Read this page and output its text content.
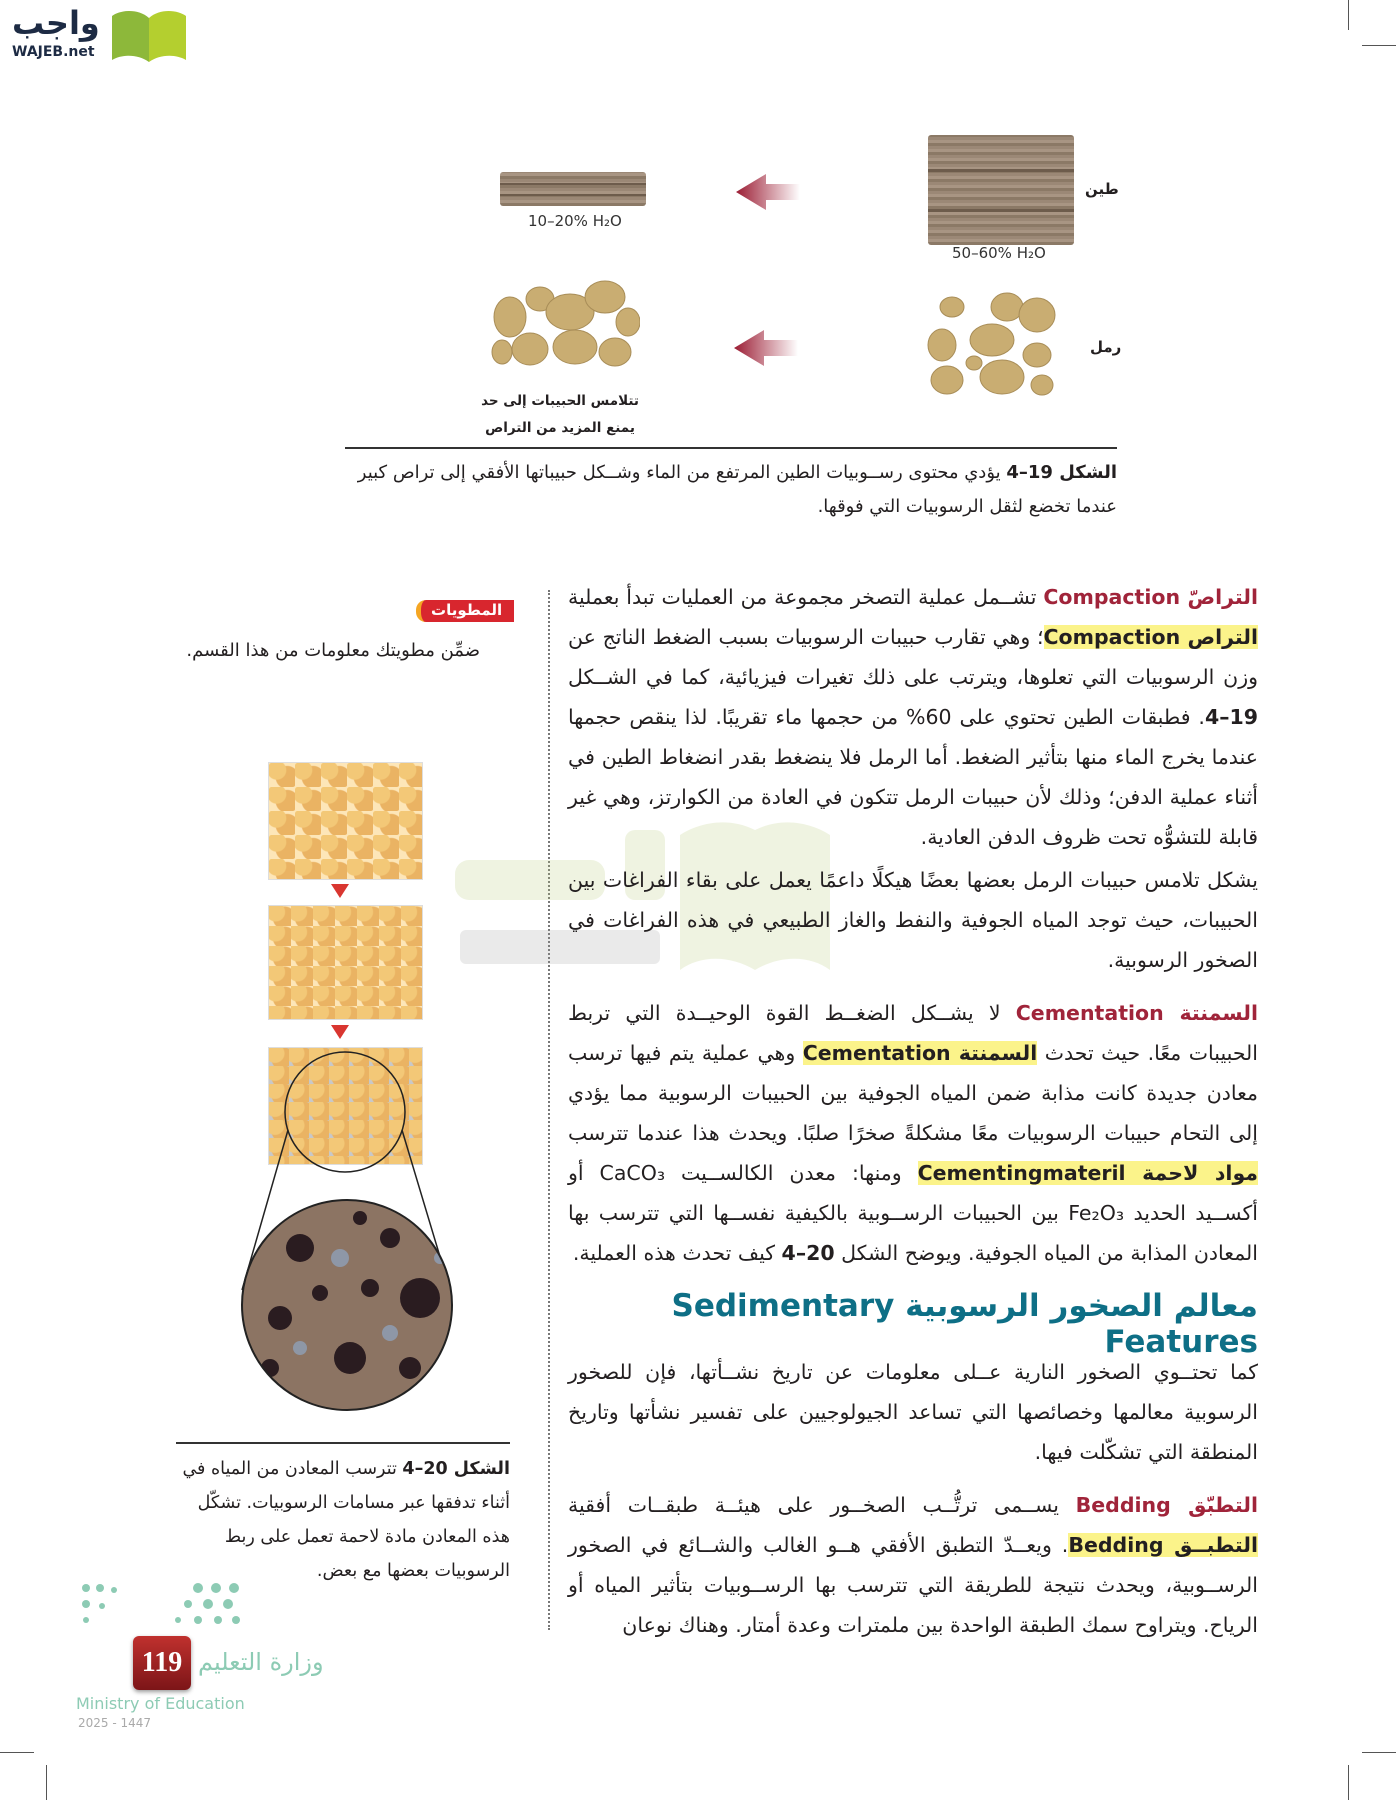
واجب
WAJEB.net
طين
رمل
50–60% H₂O
10–20% H₂O
تتلامس الحبيبات إلى حد
يمنع المزيد من التراص
الشكل 19–4 يؤدي محتوى رســوبيات الطين المرتفع من الماء وشــكل حبيباتها الأفقي إلى تراص كبير عندما تخضع لثقل الرسوبيات التي فوقها.
التراصّ Compaction تشــمل عملية التصخر مجموعة من العمليات تبدأ بعملية التراص Compaction؛ وهي تقارب حبيبات الرسوبيات بسبب الضغط الناتج عن وزن الرسوبيات التي تعلوها، ويترتب على ذلك تغيرات فيزيائية، كما في الشــكل 19–4. فطبقات الطين تحتوي على 60% من حجمها ماء تقريبًا. لذا ينقص حجمها عندما يخرج الماء منها بتأثير الضغط. أما الرمل فلا ينضغط بقدر انضغاط الطين في أثناء عملية الدفن؛ وذلك لأن حبيبات الرمل تتكون في العادة من الكوارتز، وهي غير قابلة للتشوُّه تحت ظروف الدفن العادية.
يشكل تلامس حبيبات الرمل بعضها بعضًا هيكلًا داعمًا يعمل على بقاء الفراغات بين الحبيبات، حيث توجد المياه الجوفية والنفط والغاز الطبيعي في هذه الفراغات في الصخور الرسوبية.
السمنتة Cementation لا يشــكل الضغــط القوة الوحيــدة التي تربط الحبيبات معًا. حيث تحدث السمنتة Cementation وهي عملية يتم فيها ترسب معادن جديدة كانت مذابة ضمن المياه الجوفية بين الحبيبات الرسوبية مما يؤدي إلى التحام حبيبات الرسوبيات معًا مشكلةً صخرًا صلبًا. ويحدث هذا عندما تترسب مواد لاحمة Cementingmateril ومنها: معدن الكالســيت CaCO₃ أو أكســيد الحديد Fe₂O₃ بين الحبيبات الرســوبية بالكيفية نفســها التي تترسب بها المعادن المذابة من المياه الجوفية. ويوضح الشكل 20–4 كيف تحدث هذه العملية.
معالم الصخور الرسوبية Sedimentary Features
كما تحتــوي الصخور النارية عــلى معلومات عن تاريخ نشــأتها، فإن للصخور الرسوبية معالمها وخصائصها التي تساعد الجيولوجيين على تفسير نشأتها وتاريخ المنطقة التي تشكّلت فيها.
التطبّق Bedding يســمى ترتُّــب الصخــور على هيئــة طبقــات أفقية التطبــق Bedding. ويعــدّ التطبق الأفقي هــو الغالب والشــائع في الصخور الرســوبية، ويحدث نتيجة للطريقة التي تترسب بها الرســوبيات بتأثير المياه أو الرياح. ويتراوح سمك الطبقة الواحدة بين ملمترات وعدة أمتار. وهناك نوعان
المطويات
ضمِّن مطويتك معلومات من هذا القسم.
الشكل 20–4 تترسب المعادن من المياه في أثناء تدفقها عبر مسامات الرسوبيات. تشكّل هذه المعادن مادة لاحمة تعمل على ربط الرسوبيات بعضها مع بعض.
وزارة التعليم
Ministry of Education
2025 - 1447
119
